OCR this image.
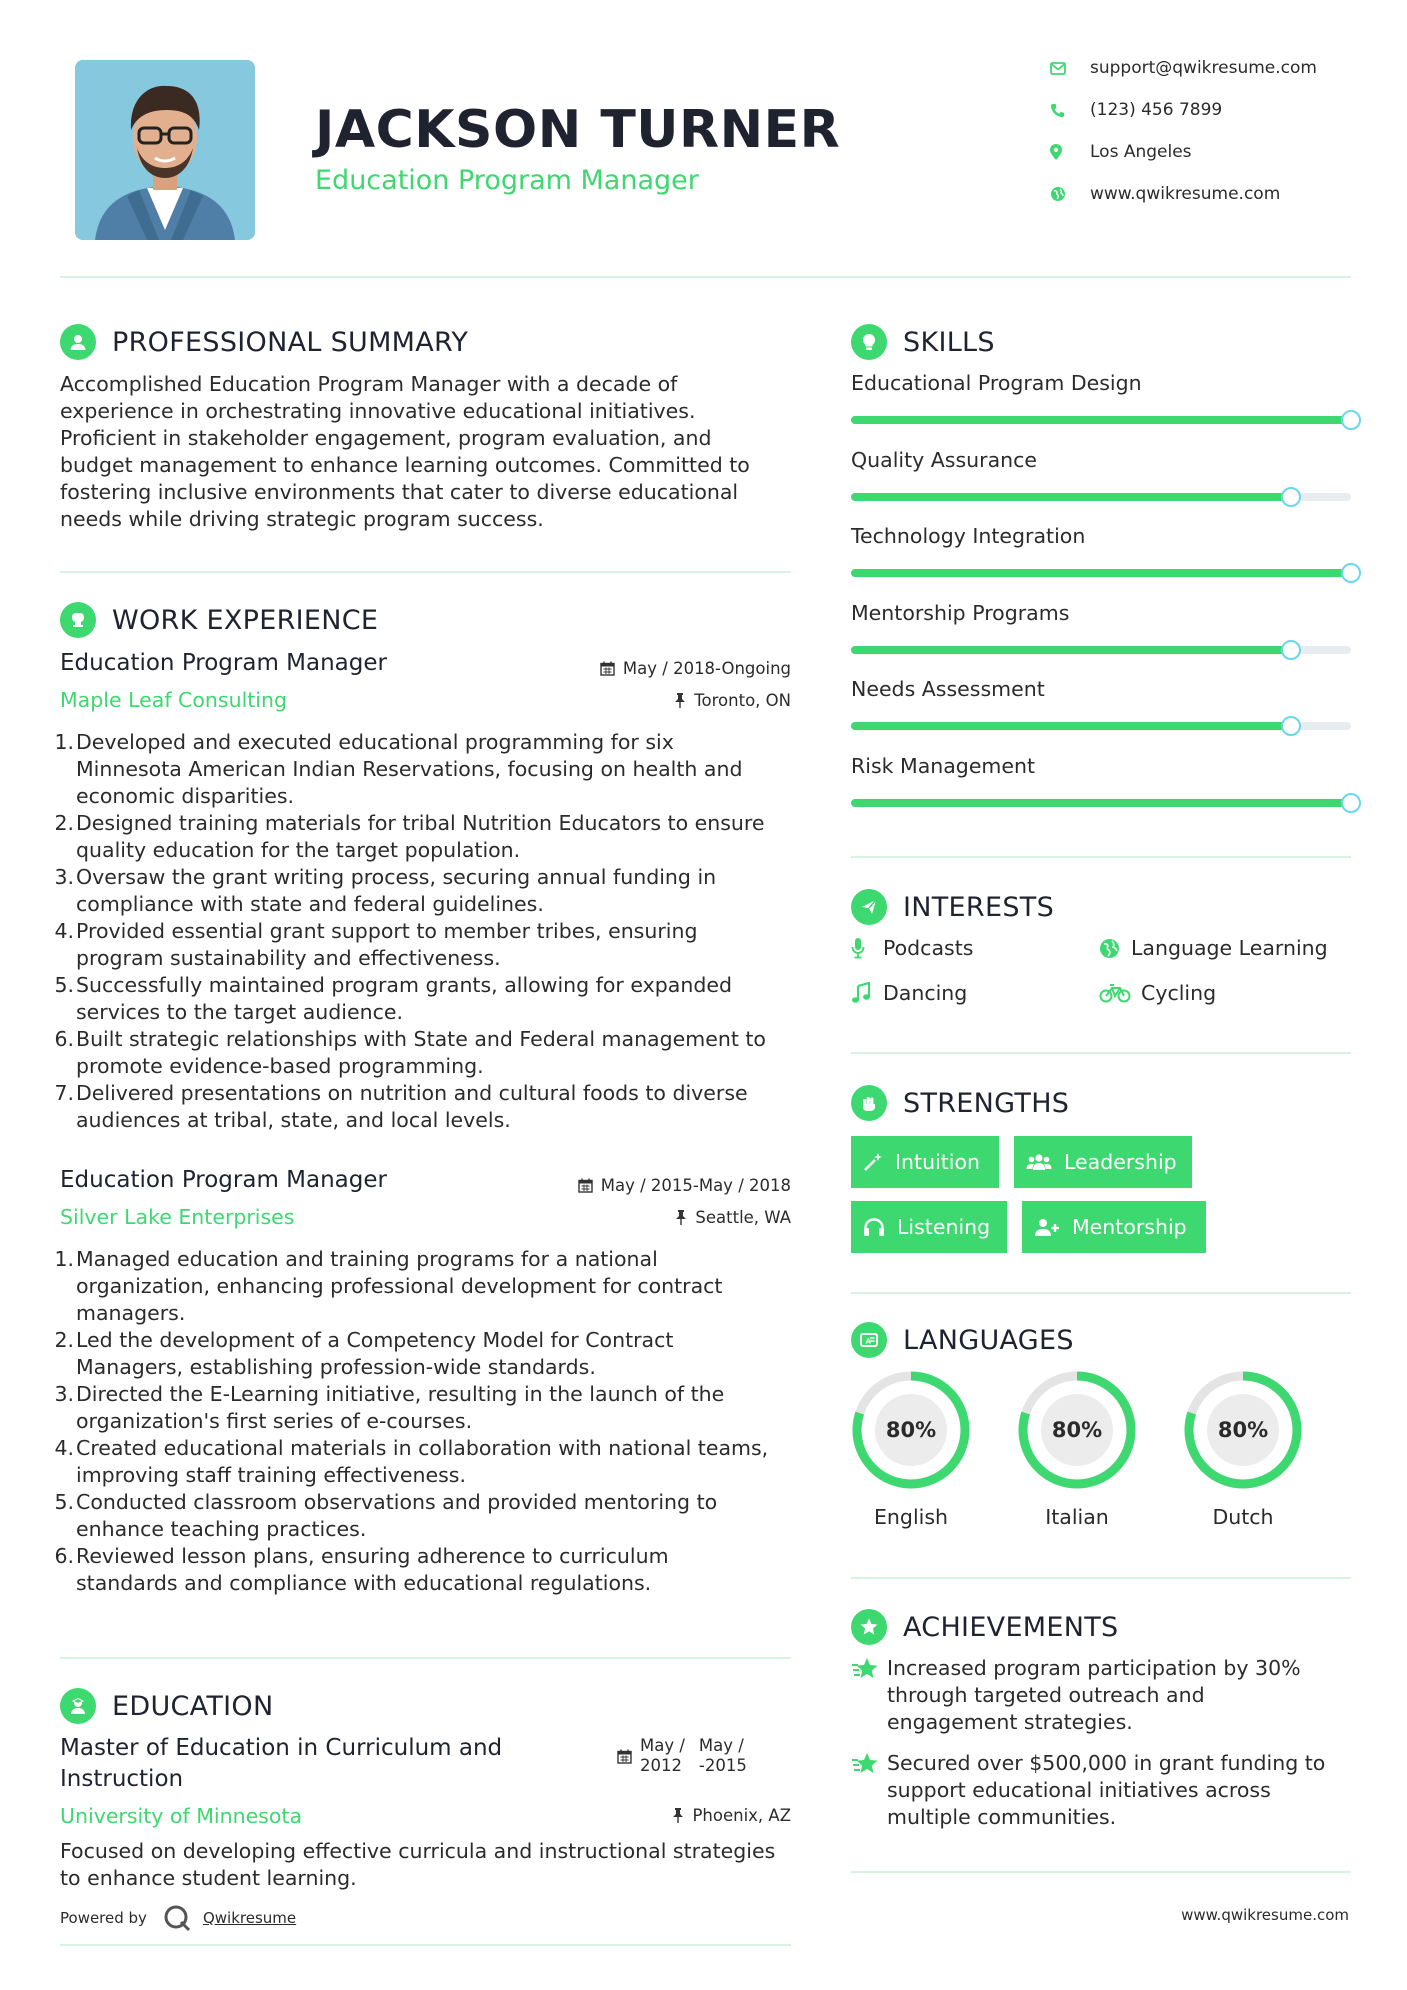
JACKSON TURNER
Education Program Manager
support@qwikresume.com
(123) 456 7899
Los Angeles
www.qwikresume.com
PROFESSIONAL SUMMARY
Accomplished Education Program Manager with a decade of
experience in orchestrating innovative educational initiatives.
Proficient in stakeholder engagement, program evaluation, and
budget management to enhance learning outcomes. Committed to
fostering inclusive environments that cater to diverse educational
needs while driving strategic program success.
WORK EXPERIENCE
Education Program Manager	May / 2018-Ongoing
Maple Leaf Consulting	Toronto, ON
1. Developed and executed educational programming for six
Minnesota American Indian Reservations, focusing on health and
economic disparities.
2. Designed training materials for tribal Nutrition Educators to ensure
quality education for the target population.
3. Oversaw the grant writing process, securing annual funding in
compliance with state and federal guidelines.
4. Provided essential grant support to member tribes, ensuring
program sustainability and effectiveness.
5. Successfully maintained program grants, allowing for expanded
services to the target audience.
6. Built strategic relationships with State and Federal management to
promote evidence-based programming.
7. Delivered presentations on nutrition and cultural foods to diverse
audiences at tribal, state, and local levels.
Education Program Manager	May / 2015-May / 2018
Silver Lake Enterprises	Seattle, WA
1. Managed education and training programs for a national
organization, enhancing professional development for contract
managers.
2. Led the development of a Competency Model for Contract
Managers, establishing profession-wide standards.
3. Directed the E-Learning initiative, resulting in the launch of the
organization's first series of e-courses.
4. Created educational materials in collaboration with national teams,
improving staff training effectiveness.
5. Conducted classroom observations and provided mentoring to
enhance teaching practices.
6. Reviewed lesson plans, ensuring adherence to curriculum
standards and compliance with educational regulations.
EDUCATION
Master of Education in Curriculum and
Instruction
May /
2012
May /
-2015
University of Minnesota	Phoenix, AZ
Focused on developing effective curricula and instructional strategies
to enhance student learning.
Powered by	Qwikresume
SKILLS
Educational Program Design
Quality Assurance
Technology Integration
Mentorship Programs
Needs Assessment
Risk Management
INTERESTS
Podcasts	Language Learning
Dancing	Cycling
STRENGTHS
Intuition	Leadership
Listening	Mentorship
A LANGUAGES
80%
English
80%
Italian
80%
Dutch
ACHIEVEMENTS
Increased program participation by 30%
through targeted outreach and
engagement strategies.
Secured over $500,000 in grant funding to
support educational initiatives across
multiple communities.
www.qwikresume.com
